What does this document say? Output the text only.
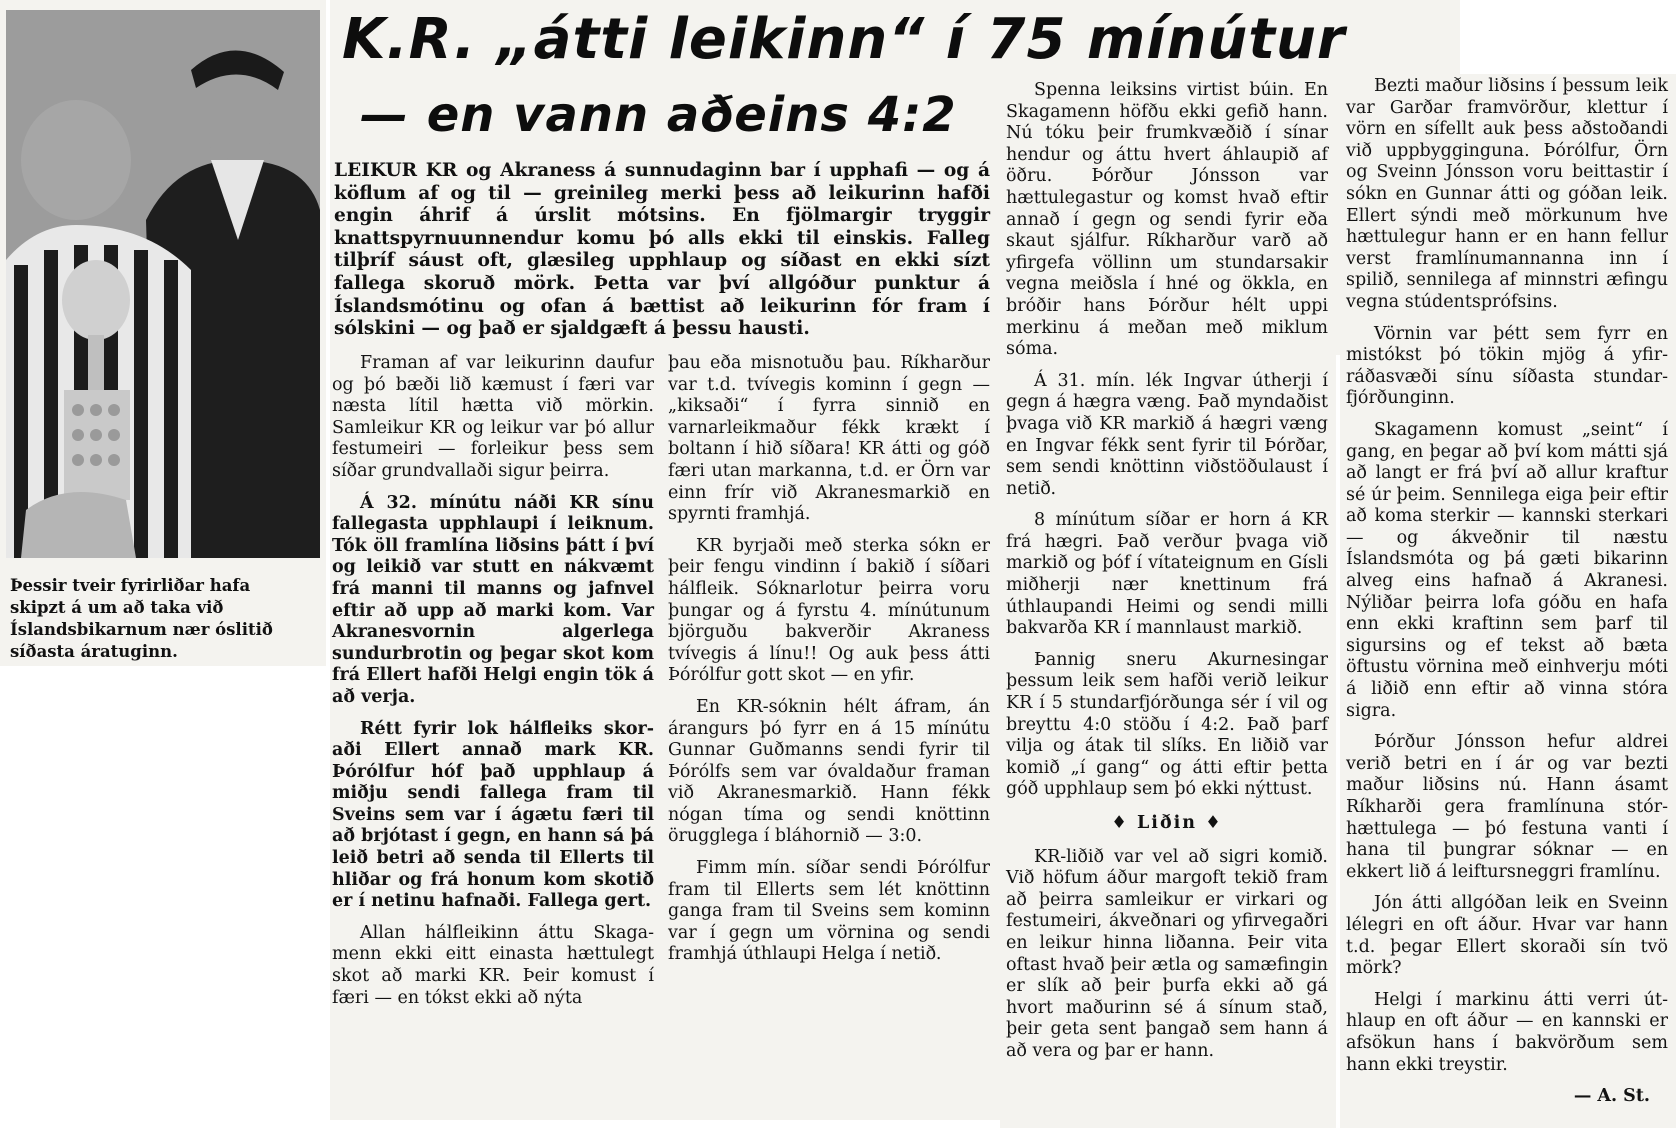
Þessir tveir fyrirliðar hafa skipzt á um að taka við Íslandsbikarnum nær óslitið síðasta áratuginn.
K.R. „átti leikinn“ í 75 mínútur
— en vann aðeins 4:2

LEIKUR KR og Akraness á sunnudaginn bar í upphafi — og á köflum af og til — greinileg merki þess að leikurinn hafði engin áhrif á úrslit mótsins. En fjölmargir tryggir knattspyrnuunnendur komu þó alls ekki til einskis. Falleg tilþríf sáust oft, glæsileg upphlaup og síðast en ekki sízt fallega skoruð mörk. Þetta var því allgóður punktur á Íslandsmótinu og ofan á bættist að leikurinn fór fram í sólskini — og það er sjaldgæft á þessu hausti.

Framan af var leikurinn daufur og þó bæði lið kæmust í færi var næsta lítil hætta við mörkin. Samleikur KR og leikur var þó allur festumeiri — forleikur þess sem síðar grundvallaði sigur þeirra.

Á 32. mínútu náði KR sínu fallegasta upphlaupi í leiknum. Tók öll framlína liðsins þátt í því og leikið var stutt en nákvæmt frá manni til manns og jafnvel eftir að upp að marki kom. Var Akranesvornin algerlega sundurbrotin og þegar skot kom frá Ellert hafði Helgi engin tök á að verja.

Rétt fyrir lok hálfleiks skoraði Ellert annað mark KR. Þórólfur hóf það upphlaup á miðju sendi fallega fram til Sveins sem var í ágætu færi til að brjótast í gegn, en hann sá þá leið betri að senda til Ellerts til hliðar og frá honum kom skotið er í netinu hafnaði. Fallega gert.

Allan hálfleikinn áttu Skagamenn ekki eitt einasta hættulegt skot að marki KR. Þeir komust í færi — en tókst ekki að nýta

þau eða misnotuðu þau. Ríkharður var t.d. tvívegis kominn í gegn — „kiksaði“ í fyrra sinnið en varnarleikmaður fékk krækt í boltann í hið síðara! KR átti og góð færi utan markanna, t.d. er Örn var einn frír við Akranesmarkið en spyrnti framhjá.

KR byrjaði með sterka sókn er þeir fengu vindinn í bakið í síðari hálfleik. Sóknarlotur þeirra voru þungar og á fyrstu 4. mínútunum björguðu bakverðir Akraness tvívegis á línu!! Og auk þess átti Þórólfur gott skot — en yfir.

En KR-sóknin hélt áfram, án árangurs þó fyrr en á 15 mínútu Gunnar Guðmanns sendi fyrir til Þórólfs sem var óvaldaður framan við Akranesmarkið. Hann fékk nógan tíma og sendi knöttinn örugglega í bláhornið — 3:0.

Fimm mín. síðar sendi Þórólfur fram til Ellerts sem lét knöttinn ganga fram til Sveins sem kominn var í gegn um vörnina og sendi framhjá úthlaupi Helga í netið.

Spenna leiksins virtist búin. En Skagamenn höfðu ekki gefið hann. Nú tóku þeir frumkvæðið í sínar hendur og áttu hvert áhlaupið af öðru. Þórður Jónsson var hættulegastur og komst hvað eftir annað í gegn og sendi fyrir eða skaut sjálfur. Ríkharður varð að yfirgefa völlinn um stundarsakir vegna meiðsla í hné og ökkla, en bróðir hans Þórður hélt uppi merkinu á meðan með miklum sóma.

Á 31. mín. lék Ingvar útherji í gegn á hægra væng. Það myndaðist þvaga við KR markið á hægri væng en Ingvar fékk sent fyrir til Þórðar, sem sendi knöttinn viðstöðulaust í netið.

8 mínútum síðar er horn á KR frá hægri. Það verður þvaga við markið og þóf í vítateignum en Gísli miðherji nær knettinum frá úthlaupandi Heimi og sendi milli bakvarða KR í mannlaust markið.

Þannig sneru Akurnesingar þessum leik sem hafði verið leikur KR í 5 stundarfjórðunga sér í vil og breyttu 4:0 stöðu í 4:2. Það þarf vilja og átak til slíks. En liðið var komið „í gang“ og átti eftir þetta góð upphlaup sem þó ekki nýttust.

♦ Liðin ♦

KR-liðið var vel að sigri komið. Við höfum áður margoft tekið fram að þeirra samleikur er virkari og festumeiri, ákveðnari og yfirvegaðri en leikur hinna liðanna. Þeir vita oftast hvað þeir ætla og samæfingin er slík að þeir þurfa ekki að gá hvort maðurinn sé á sínum stað, þeir geta sent þangað sem hann á að vera og þar er hann.

Bezti maður liðsins í þessum leik var Garðar framvörður, klettur í vörn en sífellt auk þess aðstoðandi við uppbygginguna. Þórólfur, Örn og Sveinn Jónsson voru beittastir í sókn en Gunnar átti og góðan leik. Ellert sýndi með mörkunum hve hættulegur hann er en hann fellur verst framlínumannanna inn í spilið, sennilega af minnstri æfingu vegna stúdentsprófsins.

Vörnin var þétt sem fyrr en mistókst þó tökin mjög á yfirráðasvæði sínu síðasta stundarfjórðunginn.

Skagamenn komust „seint“ í gang, en þegar að því kom mátti sjá að langt er frá því að allur kraftur sé úr þeim. Sennilega eiga þeir eftir að koma sterkir — kannski sterkari — og ákveðnir til næstu Íslandsmóta og þá gæti bikarinn alveg eins hafnað á Akranesi. Nýliðar þeirra lofa góðu en hafa enn ekki kraftinn sem þarf til sigursins og ef tekst að bæta öftustu vörnina með einhverju móti á liðið enn eftir að vinna stóra sigra.

Þórður Jónsson hefur aldrei verið betri en í ár og var bezti maður liðsins nú. Hann ásamt Ríkharði gera framlínuna stórhættulega — þó festuna vanti í hana til þungrar sóknar — en ekkert lið á leiftursneggri framlínu.

Jón átti allgóðan leik en Sveinn lélegri en oft áður. Hvar var hann t.d. þegar Ellert skoraði sín tvö mörk?

Helgi í markinu átti verri úthlaup en oft áður — en kannski er afsökun hans í bakvörðum sem hann ekki treystir.

— A. St.
